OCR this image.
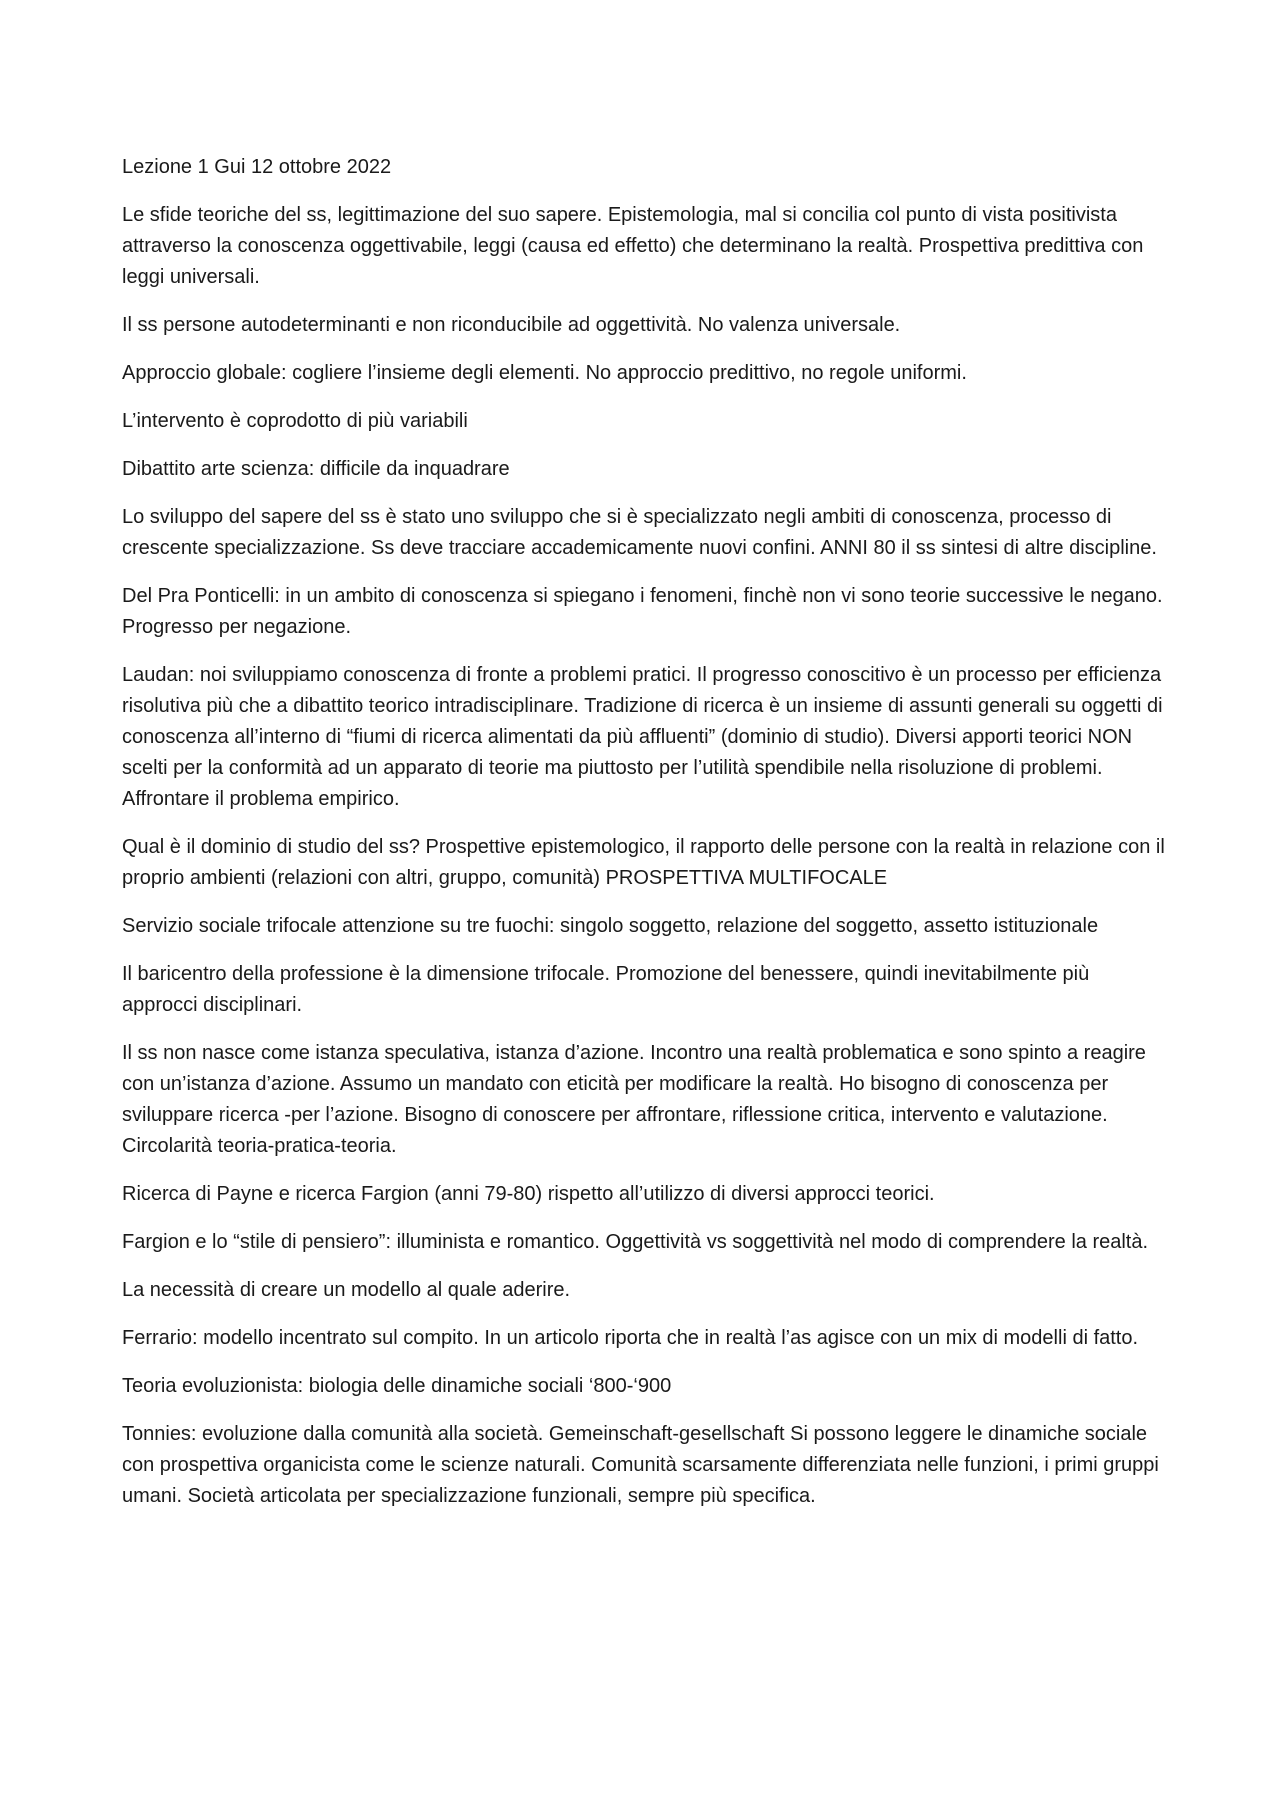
Lezione 1 Gui 12 ottobre 2022

Le sfide teoriche del ss, legittimazione del suo sapere. Epistemologia, mal si concilia col punto di vista positivista attraverso la conoscenza oggettivabile, leggi (causa ed effetto) che determinano la realtà. Prospettiva predittiva con leggi universali.

Il ss persone autodeterminanti e non riconducibile ad oggettività. No valenza universale.

Approccio globale: cogliere l’insieme degli elementi. No approccio predittivo, no regole uniformi.

L’intervento è coprodotto di più variabili

Dibattito arte scienza: difficile da inquadrare

Lo sviluppo del sapere del ss è stato uno sviluppo che si è specializzato negli ambiti di conoscenza, processo di crescente specializzazione. Ss deve tracciare accademicamente nuovi confini. ANNI 80 il ss sintesi di altre discipline.

Del Pra Ponticelli: in un ambito di conoscenza si spiegano i fenomeni, finchè non vi sono teorie successive le negano. Progresso per negazione.

Laudan: noi sviluppiamo conoscenza di fronte a problemi pratici. Il progresso conoscitivo è un processo per efficienza risolutiva più che a dibattito teorico intradisciplinare. Tradizione di ricerca è un insieme di assunti generali su oggetti di conoscenza all’interno di “fiumi di ricerca alimentati da più affluenti” (dominio di studio). Diversi apporti teorici NON scelti per la conformità ad un apparato di teorie ma piuttosto per l’utilità spendibile nella risoluzione di problemi. Affrontare il problema empirico.

Qual è il dominio di studio del ss? Prospettive epistemologico, il rapporto delle persone con la realtà in relazione con il proprio ambienti (relazioni con altri, gruppo, comunità) PROSPETTIVA MULTIFOCALE

Servizio sociale trifocale attenzione su tre fuochi: singolo soggetto, relazione del soggetto, assetto istituzionale

Il baricentro della professione è la dimensione trifocale. Promozione del benessere, quindi inevitabilmente più approcci disciplinari.

Il ss non nasce come istanza speculativa, istanza d’azione. Incontro una realtà problematica e sono spinto a reagire con un’istanza d’azione. Assumo un mandato con eticità per modificare la realtà. Ho bisogno di conoscenza per sviluppare ricerca -per l’azione. Bisogno di conoscere per affrontare, riflessione critica, intervento e valutazione. Circolarità teoria-pratica-teoria.

Ricerca di Payne e ricerca Fargion (anni 79-80) rispetto all’utilizzo di diversi approcci teorici.

Fargion e lo “stile di pensiero”: illuminista e romantico. Oggettività vs soggettività nel modo di comprendere la realtà.

La necessità di creare un modello al quale aderire.

Ferrario: modello incentrato sul compito. In un articolo riporta che in realtà l’as agisce con un mix di modelli di fatto.

Teoria evoluzionista: biologia delle dinamiche sociali ‘800-‘900

Tonnies: evoluzione dalla comunità alla società. Gemeinschaft-gesellschaft Si possono leggere le dinamiche sociale con prospettiva organicista come le scienze naturali. Comunità scarsamente differenziata nelle funzioni, i primi gruppi umani. Società articolata per specializzazione funzionali, sempre più specifica.
